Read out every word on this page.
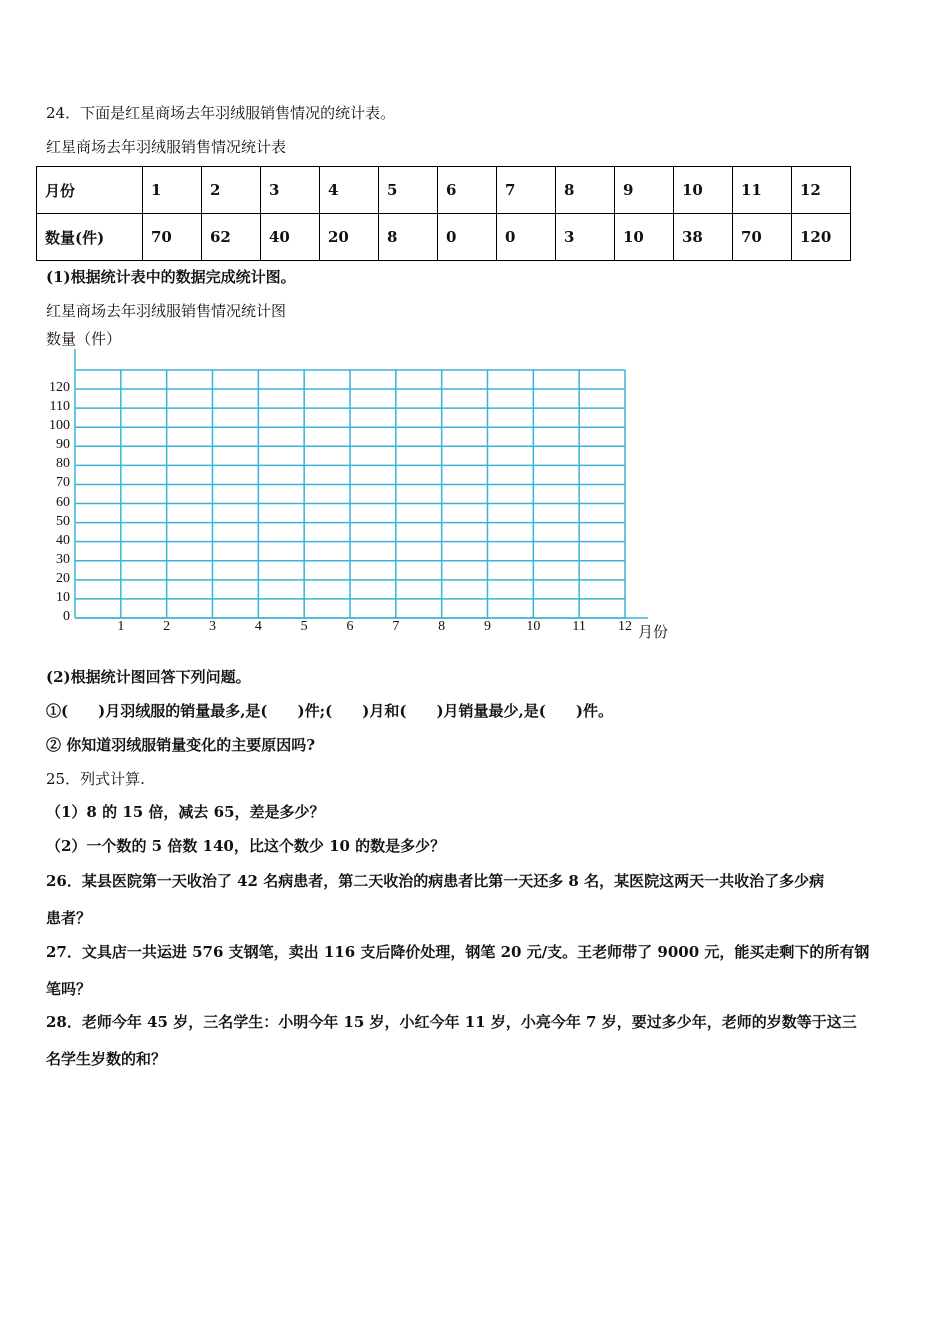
24．下面是红星商场去年羽绒服销售情况的统计表。
红星商场去年羽绒服销售情况统计表
月份	1	2	3	4	5	6	7	8	9	10	11	12
数量(件)	70	62	40	20	8	0	0	3	10	38	70	120
(1)根据统计表中的数据完成统计图。
红星商场去年羽绒服销售情况统计图
数量（件）
0
10
20
30
40
50
60
70
80
90
100
110
120
1	2	3	4	5	6	7	8	9	10	11	12 月份
(2)根据统计图回答下列问题。
①(　　)月羽绒服的销量最多,是(　　)件;(　　)月和(　　)月销量最少,是(　　)件。
② 你知道羽绒服销量变化的主要原因吗?
25．列式计算.
（1）8 的 15 倍，减去 65，差是多少？
（2）一个数的 5 倍数 140，比这个数少 10 的数是多少？
26．某县医院第一天收治了 42 名病患者，第二天收治的病患者比第一天还多 8 名，某医院这两天一共收治了多少病
患者？
27．文具店一共运进 576 支钢笔，卖出 116 支后降价处理，钢笔 20 元/支。王老师带了 9000 元，能买走剩下的所有钢
笔吗？
28．老师今年 45 岁，三名学生：小明今年 15 岁，小红今年 11 岁，小亮今年 7 岁，要过多少年，老师的岁数等于这三
名学生岁数的和？
